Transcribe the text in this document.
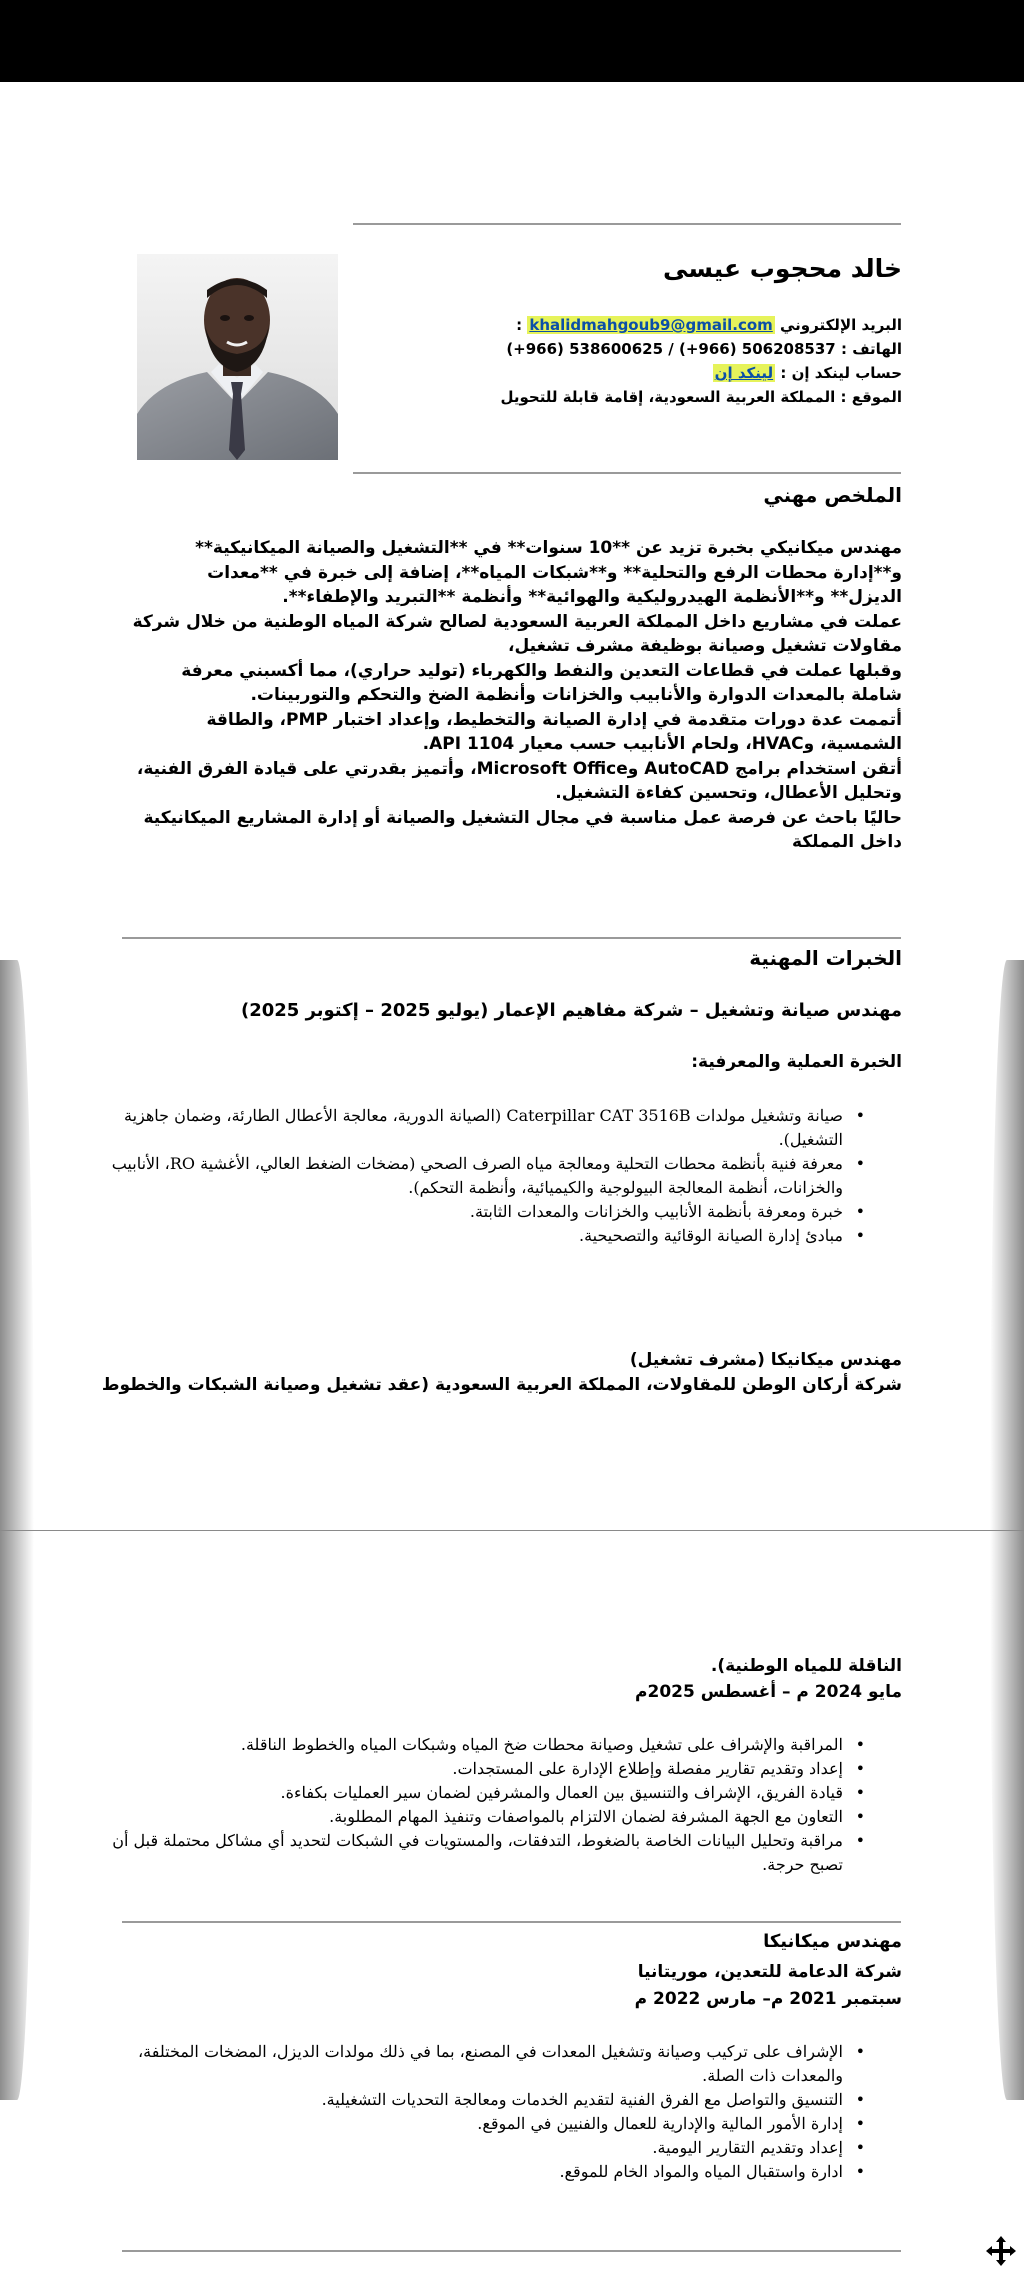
خالد محجوب عيسى
البريد الإلكتروني khalidmahgoub9@gmail.com :
الهاتف (+966) 538600625 / (+966) 506208537 :
حساب لينكد إن : لينكد إن
الموقع : المملكة العربية السعودية، إقامة قابلة للتحويل
الملخص مهني

مهندس ميكانيكي بخبرة تزيد عن **10 سنوات** في **التشغيل والصيانة الميكانيكية** و**إدارة محطات الرفع والتحلية** و**شبكات المياه**، إضافة إلى خبرة في **معدات الديزل** و**الأنظمة الهيدروليكية والهوائية** وأنظمة **التبريد والإطفاء**.

عملت في مشاريع داخل المملكة العربية السعودية لصالح شركة المياه الوطنية من خلال شركة مقاولات تشغيل وصيانة بوظيفة مشرف تشغيل،

وقبلها عملت في قطاعات التعدين والنفط والكهرباء (توليد حراري)، مما أكسبني معرفة شاملة بالمعدات الدوارة والأنابيب والخزانات وأنظمة الضخ والتحكم والتوربينات.

أتممت عدة دورات متقدمة في إدارة الصيانة والتخطيط، وإعداد اختبار PMP، والطاقة الشمسية، وHVAC، ولحام الأنابيب حسب معيار API 1104.

أتقن استخدام برامج AutoCAD وMicrosoft Office، وأتميز بقدرتي على قيادة الفرق الفنية، وتحليل الأعطال، وتحسين كفاءة التشغيل.

حاليًا باحث عن فرصة عمل مناسبة في مجال التشغيل والصيانة أو إدارة المشاريع الميكانيكية داخل المملكة

الخبرات المهنية
مهندس صيانة وتشغيل – شركة مفاهيم الإعمار (يوليو 2025 – إكتوبر 2025)
الخبرة العملية والمعرفية:
• صيانة وتشغيل مولدات Caterpillar CAT 3516B (الصيانة الدورية، معالجة الأعطال الطارئة، وضمان جاهزية التشغيل).
• معرفة فنية بأنظمة محطات التحلية ومعالجة مياه الصرف الصحي (مضخات الضغط العالي، الأغشية RO، الأنابيب والخزانات، أنظمة المعالجة البيولوجية والكيميائية، وأنظمة التحكم).
• خبرة ومعرفة بأنظمة الأنابيب والخزانات والمعدات الثابتة.
• مبادئ إدارة الصيانة الوقائية والتصحيحية.
مهندس ميكانيكا (مشرف تشغيل)
شركة أركان الوطن للمقاولات، المملكة العربية السعودية (عقد تشغيل وصيانة الشبكات والخطوط
الناقلة للمياه الوطنية).
مايو 2024 م – أغسطس 2025م
• المراقبة والإشراف على تشغيل وصيانة محطات ضخ المياه وشبكات المياه والخطوط الناقلة.
• إعداد وتقديم تقارير مفصلة وإطلاع الإدارة على المستجدات.
• قيادة الفريق، الإشراف والتنسيق بين العمال والمشرفين لضمان سير العمليات بكفاءة.
• التعاون مع الجهة المشرفة لضمان الالتزام بالمواصفات وتنفيذ المهام المطلوبة.
• مراقبة وتحليل البيانات الخاصة بالضغوط، التدفقات، والمستويات في الشبكات لتحديد أي مشاكل محتملة قبل أن تصبح حرجة.
مهندس ميكانيكا
شركة الدعامة للتعدين، موريتانيا
سبتمبر 2021 م– مارس 2022 م
• الإشراف على تركيب وصيانة وتشغيل المعدات في المصنع، بما في ذلك مولدات الديزل، المضخات المختلفة، والمعدات ذات الصلة.
• التنسيق والتواصل مع الفرق الفنية لتقديم الخدمات ومعالجة التحديات التشغيلية.
• إدارة الأمور المالية والإدارية للعمال والفنيين في الموقع.
• إعداد وتقديم التقارير اليومية.
• ادارة واستقبال المياه والمواد الخام للموقع.
